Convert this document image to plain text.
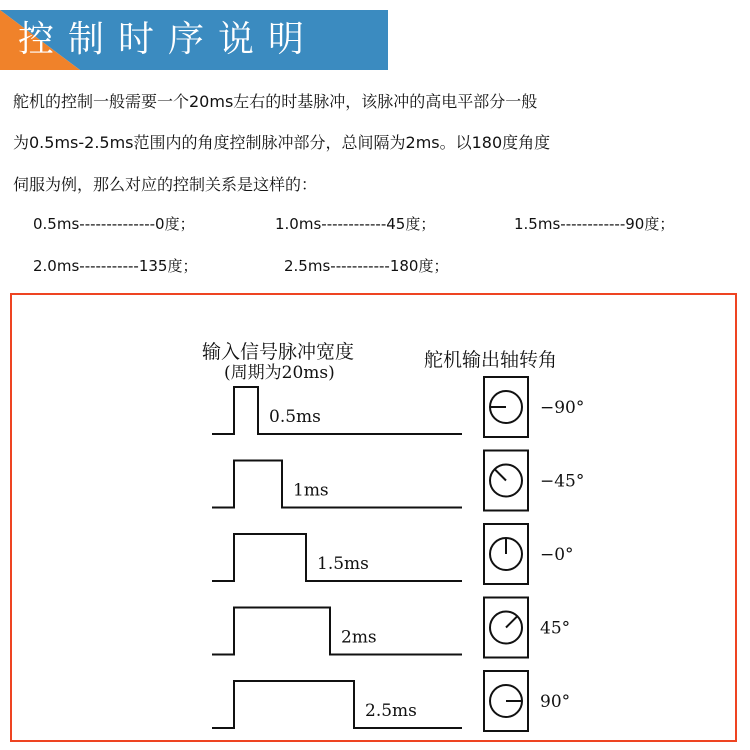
控制时序说明
舵机的控制一般需要一个20ms左右的时基脉冲，该脉冲的高电平部分一般
为0.5ms-2.5ms范围内的角度控制脉冲部分，总间隔为2ms。以180度角度
伺服为例，那么对应的控制关系是这样的：
0.5ms--------------0度；	1.0ms------------45度；	1.5ms------------90度；
2.0ms-----------135度；	2.5ms-----------180度；
输入信号脉冲宽度
(周期为20ms)
舵机输出轴转角
0.5ms	−90°
1ms	−45°
1.5ms	−0°
2ms	45°
2.5ms	90°
